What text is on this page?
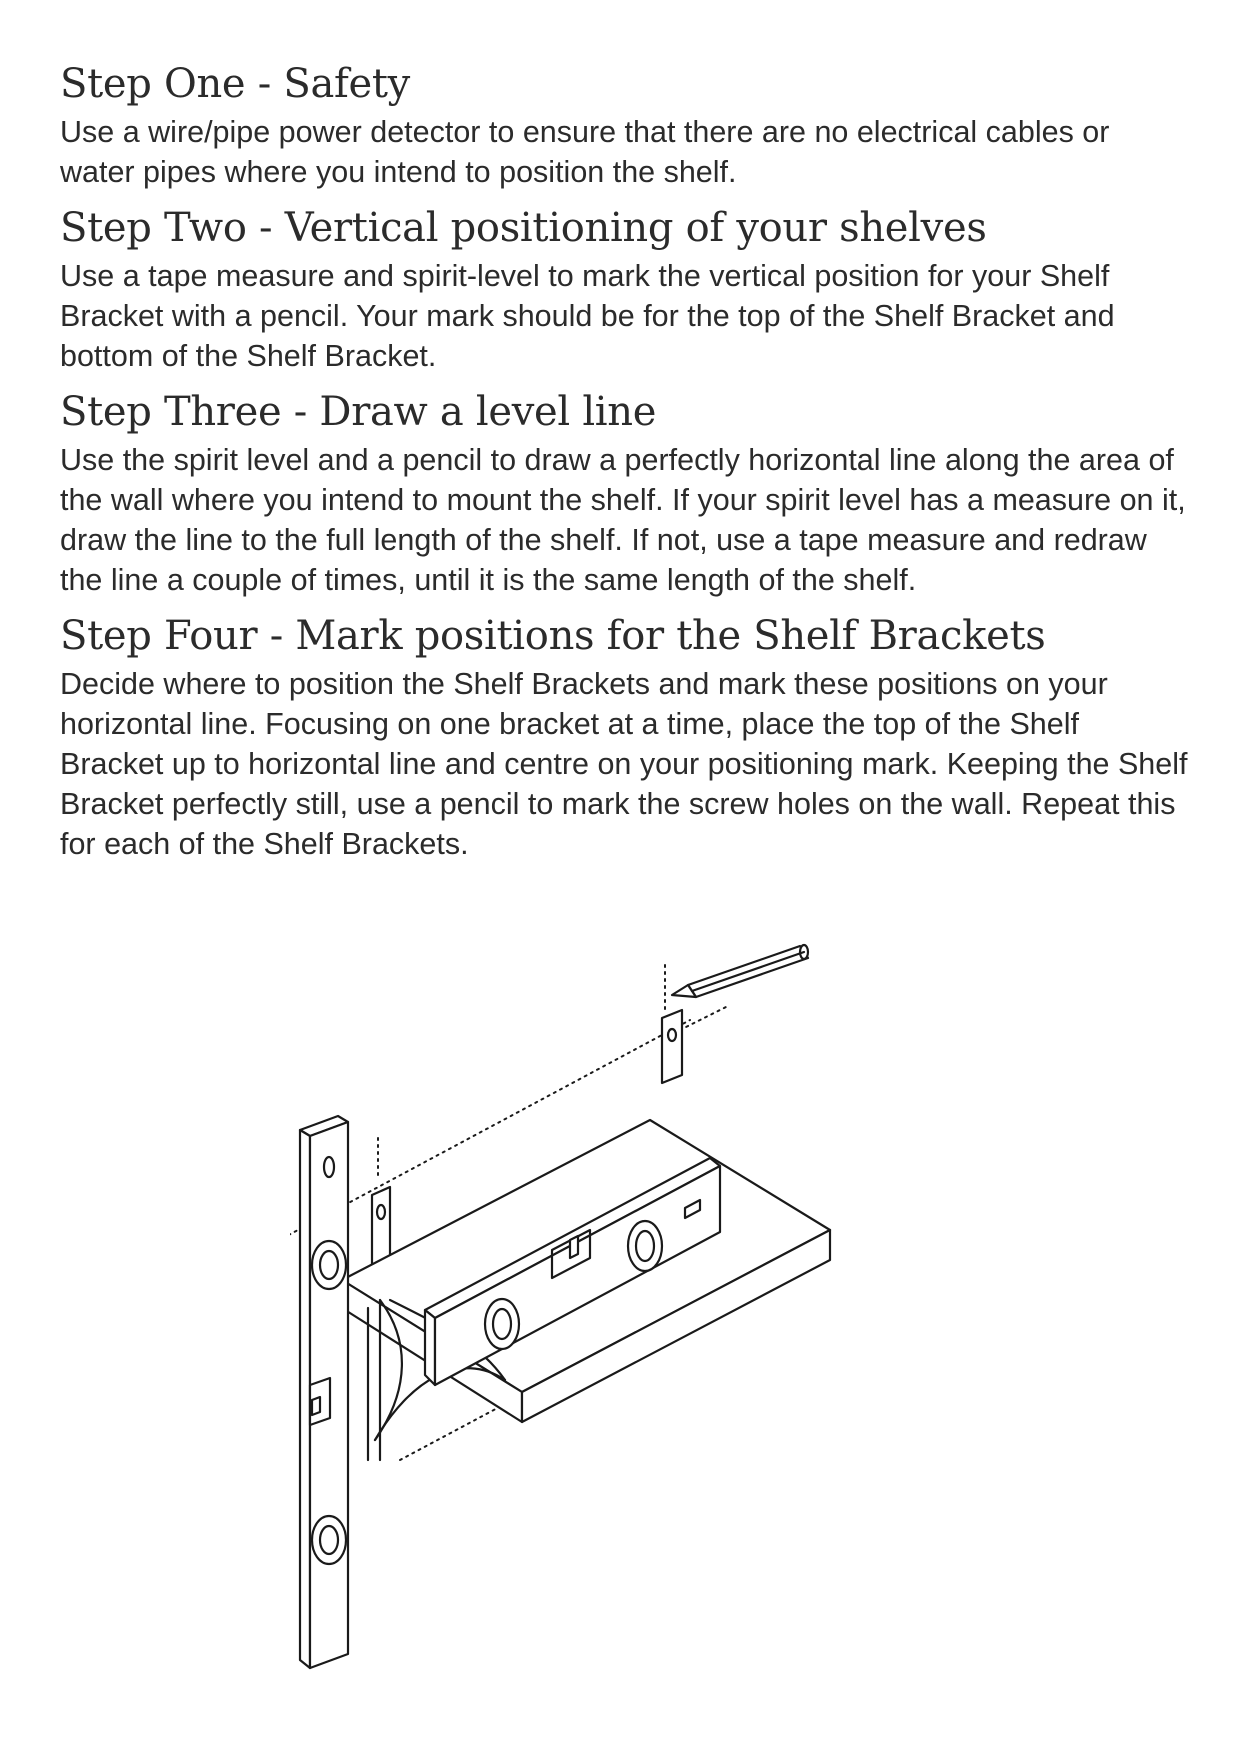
Step One - Safety

Use a wire/pipe power detector to ensure that there are no electrical cables or water pipes where you intend to position the shelf.

Step Two - Vertical positioning of your shelves

Use a tape measure and spirit-level to mark the vertical position for your Shelf Bracket with a pencil. Your mark should be for the top of the Shelf Bracket and bottom of the Shelf Bracket.

Step Three - Draw a level line

Use the spirit level and a pencil to draw a perfectly horizontal line along the area of the wall where you intend to mount the shelf. If your spirit level has a measure on it, draw the line to the full length of the shelf. If not, use a tape measure and redraw the line a couple of times, until it is the same length of the shelf.

Step Four - Mark positions for the Shelf Brackets

Decide where to position the Shelf Brackets and mark these positions on your horizontal line. Focusing on one bracket at a time, place the top of the Shelf Bracket up to horizontal line and centre on your positioning mark. Keeping the Shelf Bracket perfectly still, use a pencil to mark the screw holes on the wall. Repeat this for each of the Shelf Brackets.
